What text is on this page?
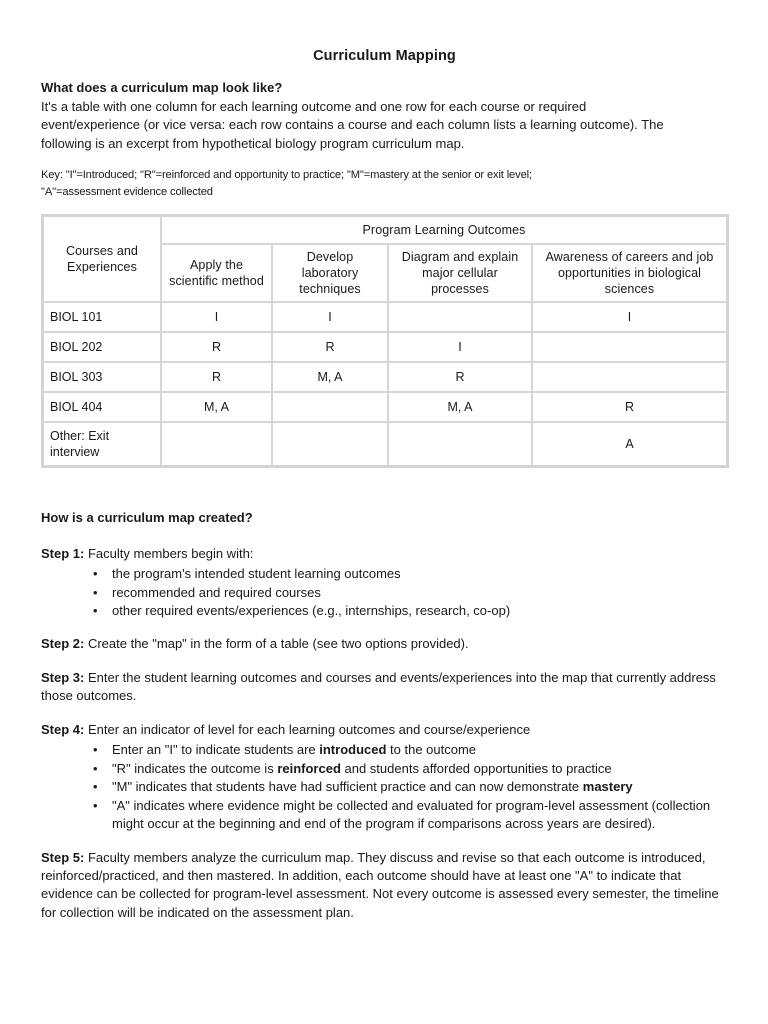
Curriculum Mapping
What does a curriculum map look like?

It's a table with one column for each learning outcome and one row for each course or required event/experience (or vice versa: each row contains a course and each column lists a learning outcome). The following is an excerpt from hypothetical biology program curriculum map.

Key: "I"=Introduced; "R"=reinforced and opportunity to practice; "M"=mastery at the senior or exit level;
"A"=assessment evidence collected
Courses and Experiences	Program Learning Outcomes			
	Apply the scientific method	Develop laboratory techniques	Diagram and explain major cellular processes	Awareness of careers and job opportunities in biological sciences
BIOL 101	I	I		I
BIOL 202	R	R	I	
BIOL 303	R	M, A	R	
BIOL 404	M, A		M, A	R
Other: Exit interview				A
How is a curriculum map created?

Step 1: Faculty members begin with:

• the program's intended student learning outcomes
• recommended and required courses
• other required events/experiences (e.g., internships, research, co-op)

Step 2: Create the "map" in the form of a table (see two options provided).

Step 3: Enter the student learning outcomes and courses and events/experiences into the map that currently address those outcomes.

Step 4: Enter an indicator of level for each learning outcomes and course/experience

• Enter an "I" to indicate students are introduced to the outcome
• "R" indicates the outcome is reinforced and students afforded opportunities to practice
• "M" indicates that students have had sufficient practice and can now demonstrate mastery
• "A" indicates where evidence might be collected and evaluated for program-level assessment (collection might occur at the beginning and end of the program if comparisons across years are desired).

Step 5: Faculty members analyze the curriculum map. They discuss and revise so that each outcome is introduced, reinforced/practiced, and then mastered. In addition, each outcome should have at least one "A" to indicate that evidence can be collected for program-level assessment. Not every outcome is assessed every semester, the timeline for collection will be indicated on the assessment plan.
